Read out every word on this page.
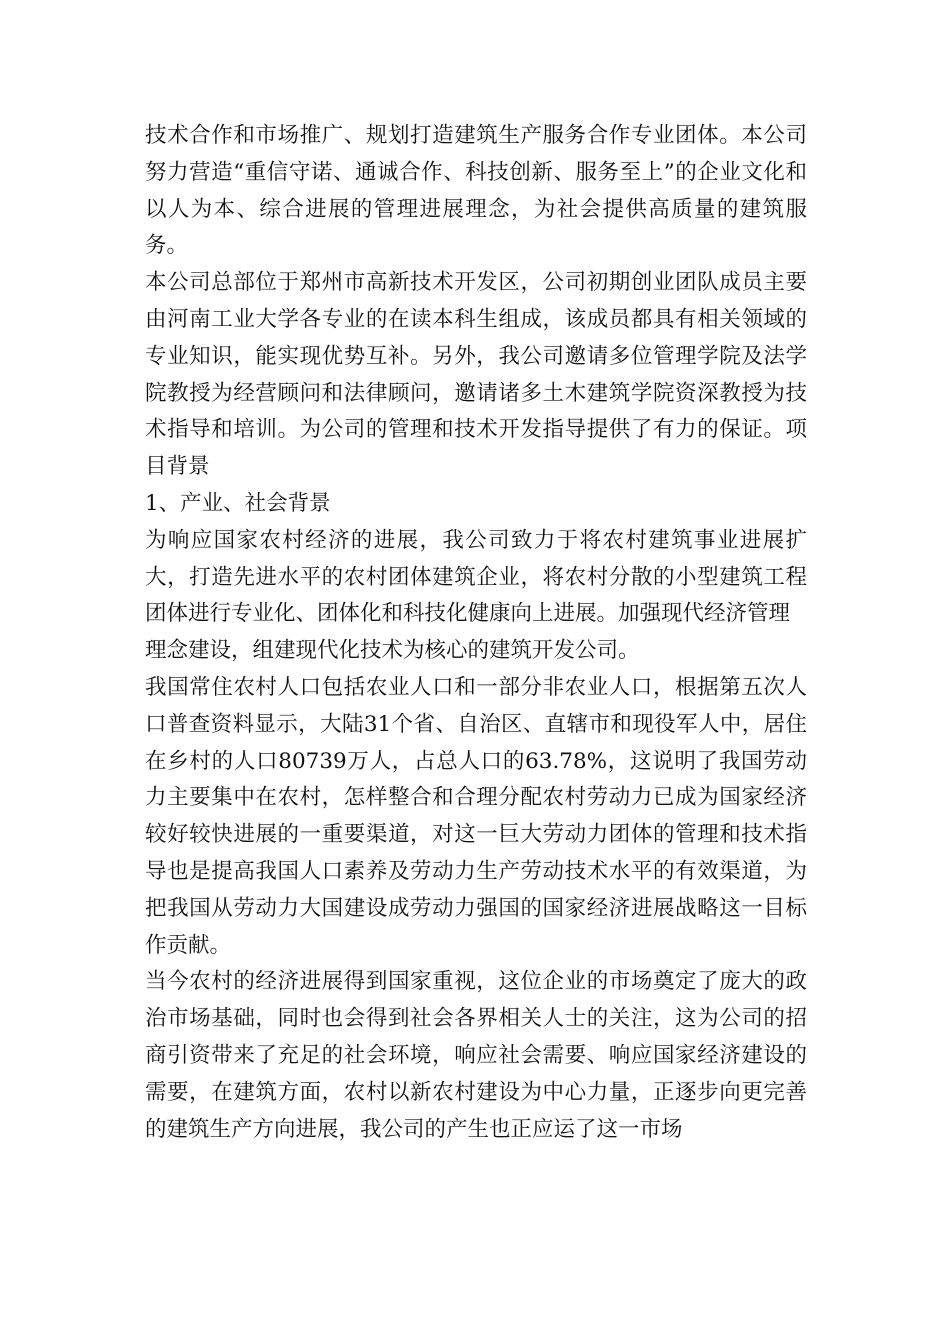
技术合作和市场推广、规划打造建筑生产服务合作专业团体。本公司努力营造“重信守诺、通诚合作、科技创新、服务至上”的企业文化和以人为本、综合进展的管理进展理念，为社会提供高质量的建筑服务。

本公司总部位于郑州市高新技术开发区，公司初期创业团队成员主要由河南工业大学各专业的在读本科生组成，该成员都具有相关领域的专业知识，能实现优势互补。另外，我公司邀请多位管理学院及法学院教授为经营顾问和法律顾问，邀请诸多土木建筑学院资深教授为技术指导和培训。为公司的管理和技术开发指导提供了有力的保证。项目背景

1、产业、社会背景

为响应国家农村经济的进展，我公司致力于将农村建筑事业进展扩大，打造先进水平的农村团体建筑企业，将农村分散的小型建筑工程团体进行专业化、团体化和科技化健康向上进展。加强现代经济管理

理念建设，组建现代化技术为核心的建筑开发公司。

我国常住农村人口包括农业人口和一部分非农业人口，根据第五次人口普查资料显示，大陆31个省、自治区、直辖市和现役军人中，居住在乡村的人口80739万人，占总人口的63.78%，这说明了我国劳动力主要集中在农村，怎样整合和合理分配农村劳动力已成为国家经济较好较快进展的一重要渠道，对这一巨大劳动力团体的管理和技术指导也是提高我国人口素养及劳动力生产劳动技术水平的有效渠道，为把我国从劳动力大国建设成劳动力强国的国家经济进展战略这一目标作贡献。

当今农村的经济进展得到国家重视，这位企业的市场奠定了庞大的政治市场基础，同时也会得到社会各界相关人士的关注，这为公司的招商引资带来了充足的社会环境，响应社会需要、响应国家经济建设的需要，在建筑方面，农村以新农村建设为中心力量，正逐步向更完善的建筑生产方向进展，我公司的产生也正应运了这一市场
